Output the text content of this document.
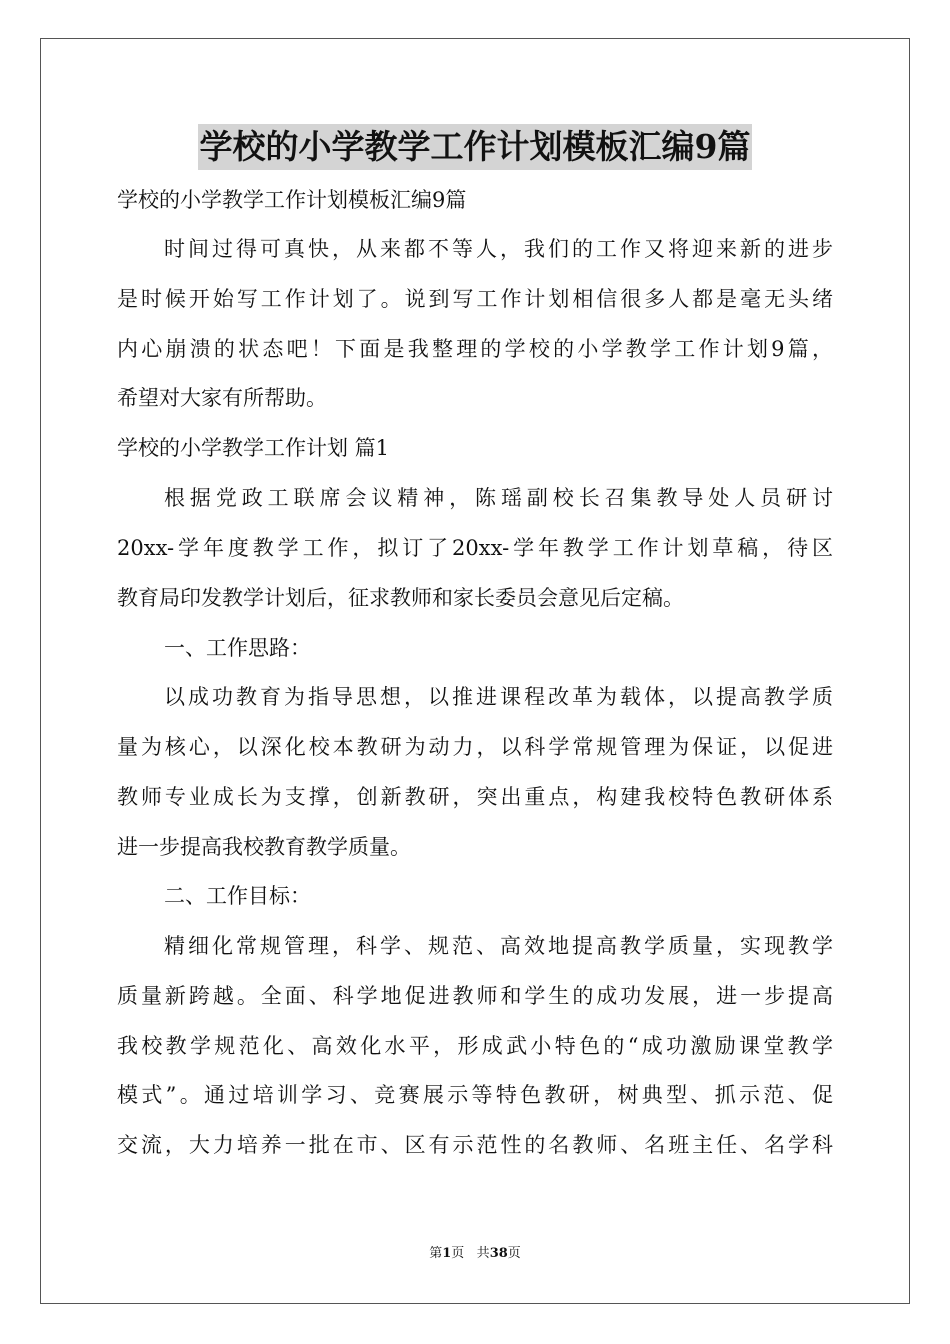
学校的小学教学工作计划模板汇编9篇
学校的小学教学工作计划模板汇编9篇
时间过得可真快，从来都不等人，我们的工作又将迎来新的进步
是时候开始写工作计划了。说到写工作计划相信很多人都是毫无头绪
内心崩溃的状态吧！下面是我整理的学校的小学教学工作计划9篇，
希望对大家有所帮助。
学校的小学教学工作计划 篇1
根据党政工联席会议精神，陈瑶副校长召集教导处人员研讨
20xx-学年度教学工作，拟订了20xx-学年教学工作计划草稿，待区
教育局印发教学计划后，征求教师和家长委员会意见后定稿。
一、工作思路：
以成功教育为指导思想，以推进课程改革为载体，以提高教学质
量为核心，以深化校本教研为动力，以科学常规管理为保证，以促进
教师专业成长为支撑，创新教研，突出重点，构建我校特色教研体系
进一步提高我校教育教学质量。
二、工作目标：
精细化常规管理，科学、规范、高效地提高教学质量，实现教学
质量新跨越。全面、科学地促进教师和学生的成功发展，进一步提高
我校教学规范化、高效化水平，形成武小特色的“成功激励课堂教学
模式”。通过培训学习、竞赛展示等特色教研，树典型、抓示范、促
交流，大力培养一批在市、区有示范性的名教师、名班主任、名学科
第1页 共38页
